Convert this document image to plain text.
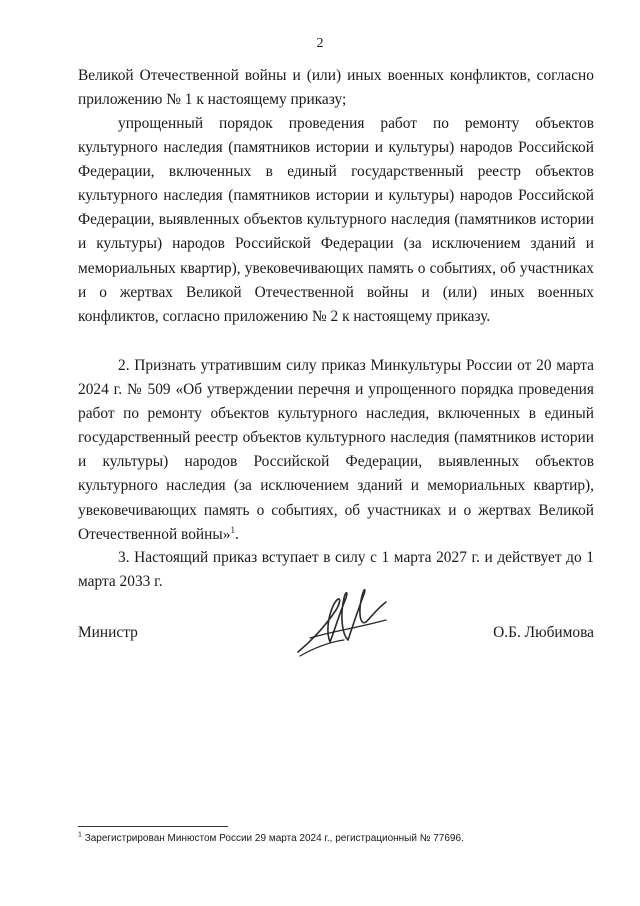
2

Великой Отечественной войны и (или) иных военных конфликтов, согласно приложению № 1 к настоящему приказу;

упрощенный порядок проведения работ по ремонту объектов культурного наследия (памятников истории и культуры) народов Российской Федерации, включенных в единый государственный реестр объектов культурного наследия (памятников истории и культуры) народов Российской Федерации, выявленных объектов культурного наследия (памятников истории и культуры) народов Российской Федерации (за исключением зданий и мемориальных квартир), увековечивающих память о событиях, об участниках и о жертвах Великой Отечественной войны и (или) иных военных конфликтов, согласно приложению № 2 к настоящему приказу.

2. Признать утратившим силу приказ Минкультуры России от 20 марта 2024 г. № 509 «Об утверждении перечня и упрощенного порядка проведения работ по ремонту объектов культурного наследия, включенных в единый государственный реестр объектов культурного наследия (памятников истории и культуры) народов Российской Федерации, выявленных объектов культурного наследия (за исключением зданий и мемориальных квартир), увековечивающих память о событиях, об участниках и о жертвах Великой Отечественной войны»$^1$.

3. Настоящий приказ вступает в силу с 1 марта 2027 г. и действует до 1 марта 2033 г.

Министр	О.Б. Любимова
$^1$ Зарегистрирован Минюстом России 29 марта 2024 г., регистрационный № 77696.
